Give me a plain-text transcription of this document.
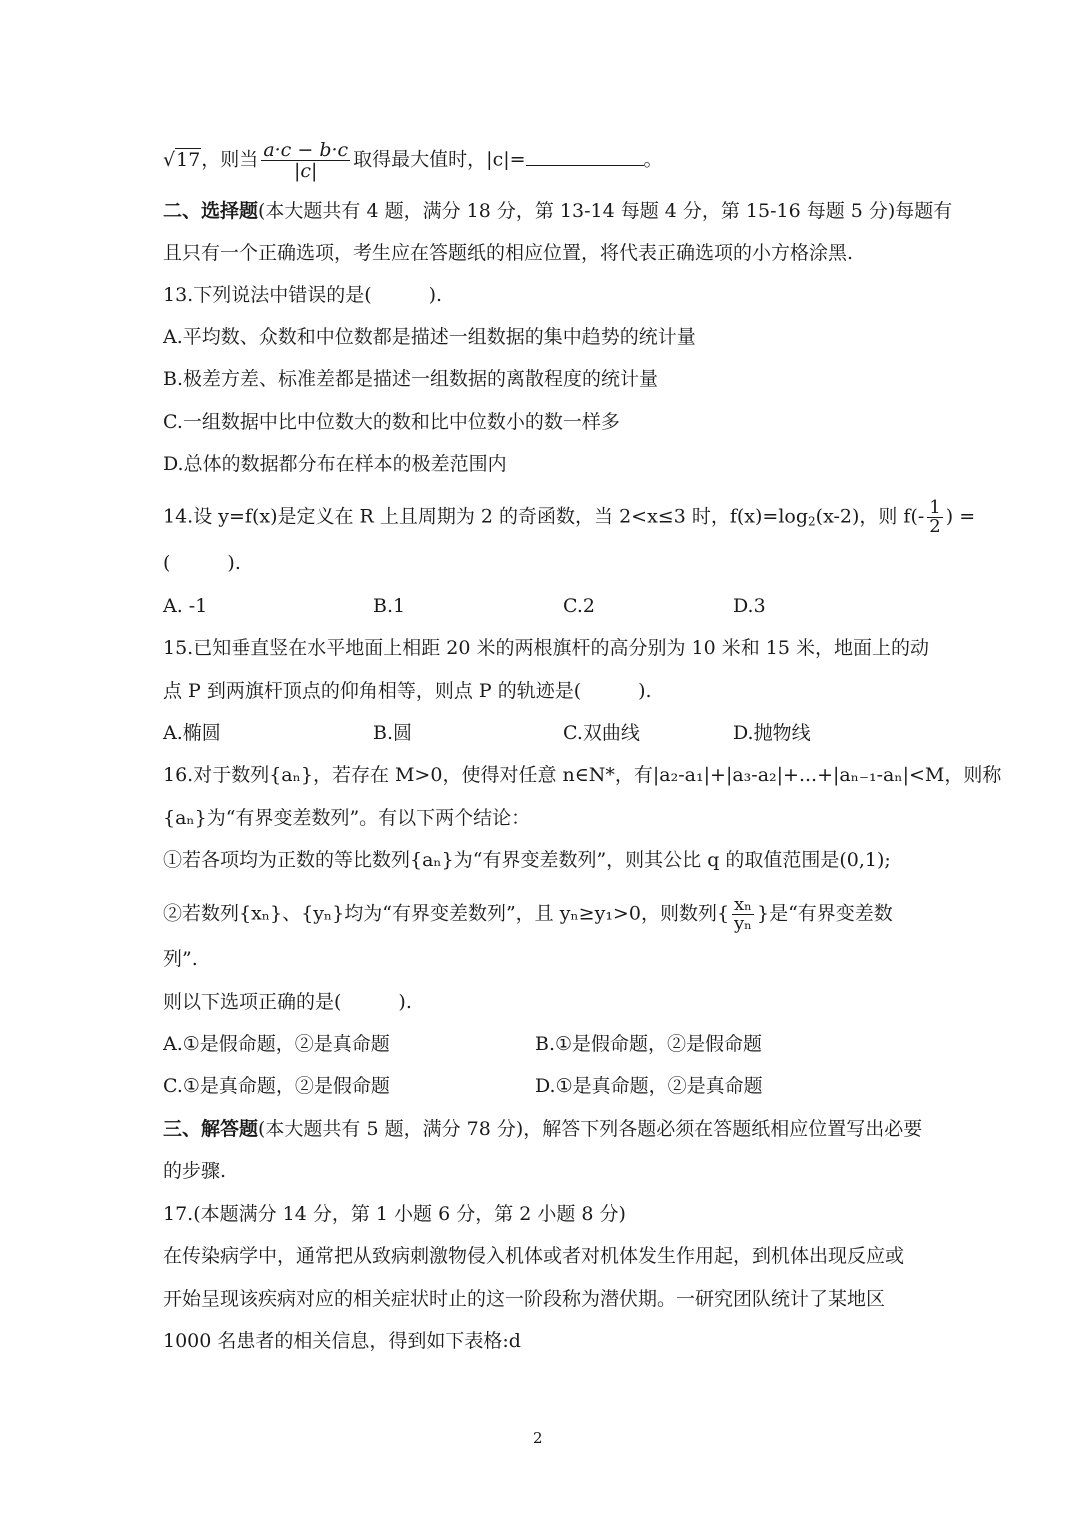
√17，则当 $\frac{a\cdot c - b\cdot c}{|c|}$ 取得最大值时，|c|=	。
二、选择题(本大题共有 4 题，满分 18 分，第 13-14 每题 4 分，第 15-16 每题 5 分)每题有
且只有一个正确选项，考生应在答题纸的相应位置，将代表正确选项的小方格涂黑.
13.下列说法中错误的是(　　　).
A.平均数、众数和中位数都是描述一组数据的集中趋势的统计量
B.极差方差、标准差都是描述一组数据的离散程度的统计量
C.一组数据中比中位数大的数和比中位数小的数一样多
D.总体的数据都分布在样本的极差范围内
14.设 y=f(x)是定义在 R 上且周期为 2 的奇函数，当 2<x≤3 时，$f(x)=\log_2(x-2)$，则 $f(- \frac{1}{2}$ ) =
(　　　).
A. -1	B.1	C.2	D.3
15.已知垂直竖在水平地面上相距 20 米的两根旗杆的高分别为 10 米和 15 米，地面上的动
点 P 到两旗杆顶点的仰角相等，则点 P 的轨迹是(　　　).
A.椭圆	B.圆	C.双曲线	D.抛物线
16.对于数列{aₙ}，若存在 M>0，使得对任意 n∈N*，有|a₂-a₁|+|a₃-a₂|+...+|aₙ₋₁-aₙ|<M，则称
{aₙ}为“有界变差数列”。有以下两个结论：
①若各项均为正数的等比数列{aₙ}为“有界变差数列”，则其公比 q 的取值范围是(0,1);
②若数列{xₙ}、{yₙ}均为“有界变差数列”，且 yₙ≥y₁>0，则数列{ $\frac{\text{xₙ}}{\text{yₙ}}$ }是“有界变差数
列”.
则以下选项正确的是(　　　).
A.①是假命题，②是真命题	B.①是假命题，②是假命题
C.①是真命题，②是假命题	D.①是真命题，②是真命题
三、解答题(本大题共有 5 题，满分 78 分)，解答下列各题必须在答题纸相应位置写出必要
的步骤.
17.(本题满分 14 分，第 1 小题 6 分，第 2 小题 8 分)
在传染病学中，通常把从致病刺激物侵入机体或者对机体发生作用起，到机体出现反应或
开始呈现该疾病对应的相关症状时止的这一阶段称为潜伏期。一研究团队统计了某地区
1000 名患者的相关信息，得到如下表格:d
2
